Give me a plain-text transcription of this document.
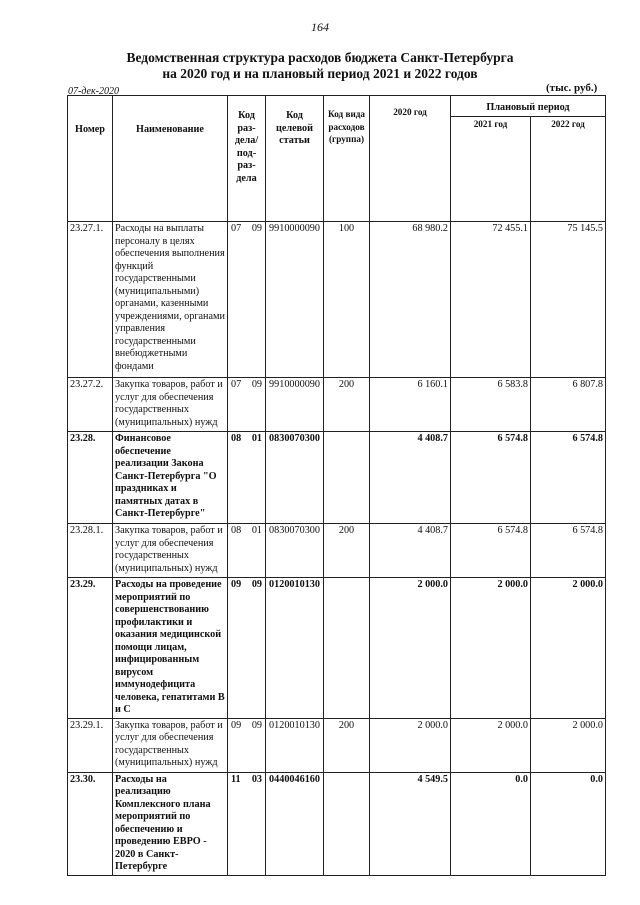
164
Ведомственная структура расходов бюджета Санкт-Петербурга
на 2020 год и на плановый период 2021 и 2022 годов
07-дек-2020	(тыс. руб.)
Номер	Наименование	Код раз-дела/ под-раз-дела	Код целевой статьи	Код вида расходов (группа)	2020 год	Плановый период	
						2021 год	2022 год
23.27.1.	Расходы на выплаты персоналу в целях обеспечения выполнения функций государственными (муниципальными) органами, казенными учреждениями, органами управления государственными внебюджетными фондами	07 09	9910000090	100	68 980.2	72 455.1	75 145.5
23.27.2.	Закупка товаров, работ и услуг для обеспечения государственных (муниципальных) нужд	07 09	9910000090	200	6 160.1	6 583.8	6 807.8
23.28.	Финансовое обеспечение реализации Закона Санкт-Петербурга "О праздниках и памятных датах в Санкт-Петербурге"	08 01	0830070300		4 408.7	6 574.8	6 574.8
23.28.1.	Закупка товаров, работ и услуг для обеспечения государственных (муниципальных) нужд	08 01	0830070300	200	4 408.7	6 574.8	6 574.8
23.29.	Расходы на проведение мероприятий по совершенствованию профилактики и оказания медицинской помощи лицам, инфицированным вирусом иммунодефицита человека, гепатитами B и C	09 09	0120010130		2 000.0	2 000.0	2 000.0
23.29.1.	Закупка товаров, работ и услуг для обеспечения государственных (муниципальных) нужд	09 09	0120010130	200	2 000.0	2 000.0	2 000.0
23.30.	Расходы на реализацию Комплексного плана мероприятий по обеспечению и проведению ЕВРО - 2020 в Санкт-Петербурге	11 03	0440046160		4 549.5	0.0	0.0
